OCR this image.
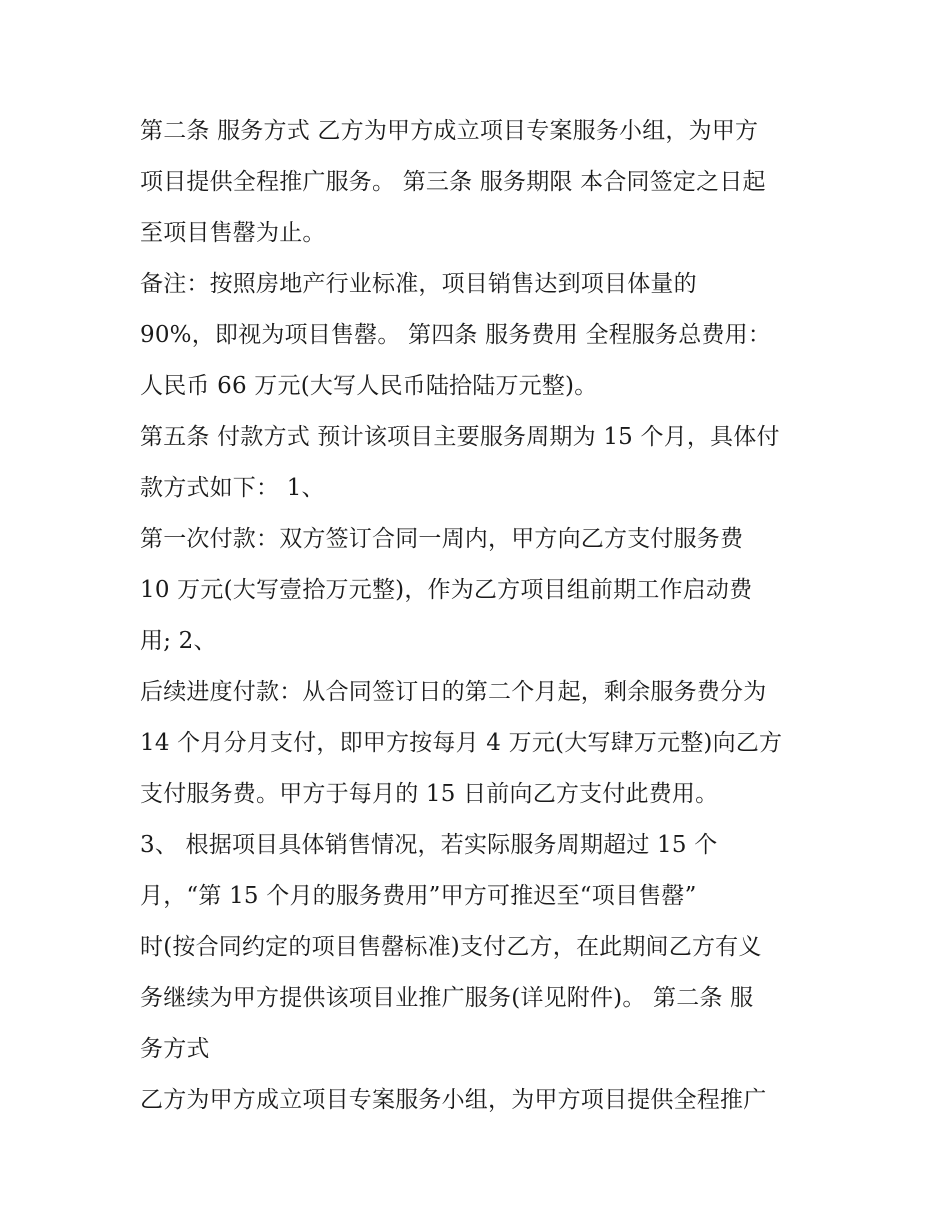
第二条 服务方式 乙方为甲方成立项目专案服务小组，为甲方
项目提供全程推广服务。 第三条 服务期限 本合同签定之日起
至项目售罄为止。
备注：按照房地产行业标准，项目销售达到项目体量的
90%，即视为项目售罄。 第四条 服务费用 全程服务总费用：
人民币 66 万元(大写人民币陆拾陆万元整)。
第五条 付款方式 预计该项目主要服务周期为 15 个月，具体付
款方式如下： 1、
第一次付款：双方签订合同一周内，甲方向乙方支付服务费
10 万元(大写壹拾万元整)，作为乙方项目组前期工作启动费
用; 2、
后续进度付款：从合同签订日的第二个月起，剩余服务费分为
14 个月分月支付，即甲方按每月 4 万元(大写肆万元整)向乙方
支付服务费。甲方于每月的 15 日前向乙方支付此费用。
3、 根据项目具体销售情况，若实际服务周期超过 15 个
月，“第 15 个月的服务费用”甲方可推迟至“项目售罄”
时(按合同约定的项目售罄标准)支付乙方，在此期间乙方有义
务继续为甲方提供该项目业推广服务(详见附件)。 第二条 服
务方式
乙方为甲方成立项目专案服务小组，为甲方项目提供全程推广
